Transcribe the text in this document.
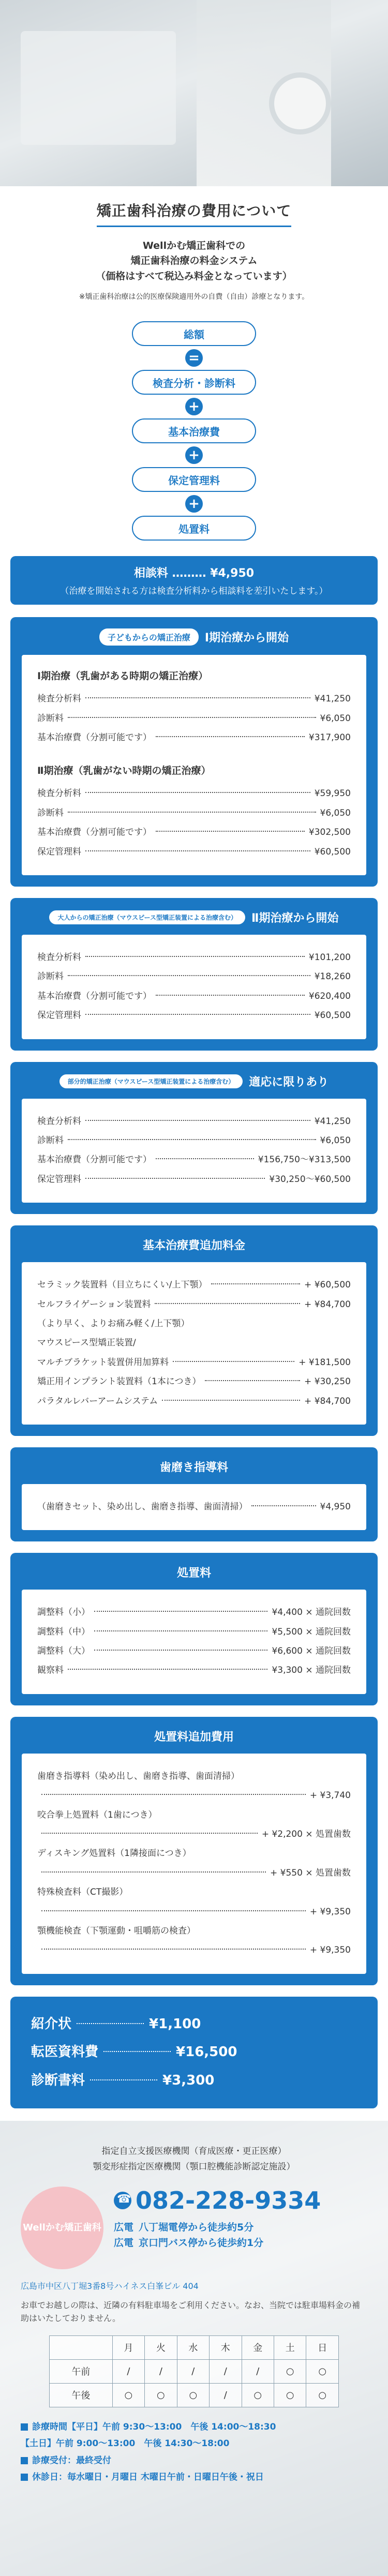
矯正歯科治療の費用について
Wellかむ矯正歯科での
矯正歯科治療の料金システム
（価格はすべて税込み料金となっています）
※矯正歯科治療は公的医療保険適用外の自費（自由）診療となります。
総額
=
検査分析・診断料
+
基本治療費
+
保定管理料
+
処置料
相談料 ……… ¥4,950
（治療を開始される方は検査分析料から相談料を差引いたします。）
子どもからの矯正治療	Ⅰ期治療から開始
Ⅰ期治療（乳歯がある時期の矯正治療）
検査分析料	¥41,250
診断料	¥6,050
基本治療費（分割可能です）	¥317,900
Ⅱ期治療（乳歯がない時期の矯正治療）
検査分析料	¥59,950
診断料	¥6,050
基本治療費（分割可能です）	¥302,500
保定管理料	¥60,500
大人からの矯正治療（マウスピース型矯正装置による治療含む）	Ⅱ期治療から開始
検査分析料	¥101,200
診断料	¥18,260
基本治療費（分割可能です）	¥620,400
保定管理料	¥60,500
部分的矯正治療（マウスピース型矯正装置による治療含む）	適応に限りあり
検査分析料	¥41,250
診断料	¥6,050
基本治療費（分割可能です）	¥156,750〜¥313,500
保定管理料	¥30,250〜¥60,500
基本治療費追加料金
セラミック装置料（目立ちにくい/上下顎）	+ ¥60,500
セルフライゲーション装置料	+ ¥84,700
（より早く、よりお痛み軽く/上下顎）
マウスピース型矯正装置/
マルチブラケット装置併用加算料	+ ¥181,500
矯正用インプラント装置料（1本につき）	+ ¥30,250
パラタルレバーアームシステム	+ ¥84,700
歯磨き指導料
（歯磨きセット、染め出し、歯磨き指導、歯面清掃）	¥4,950
処置料
調整料（小）	¥4,400 × 通院回数
調整料（中）	¥5,500 × 通院回数
調整料（大）	¥6,600 × 通院回数
観察料	¥3,300 × 通院回数
処置料追加費用
歯磨き指導料（染め出し、歯磨き指導、歯面清掃）
+ ¥3,740
咬合拳上処置料（1歯につき）
+ ¥2,200 × 処置歯数
ディスキング処置料（1隣接面につき）
+ ¥550 × 処置歯数
特殊検査料（CT撮影）
+ ¥9,350
顎機能検査（下顎運動・咀嚼筋の検査）
+ ¥9,350
紹介状	¥1,100
転医資料費	¥16,500
診断書料	¥3,300
指定自立支援医療機関（育成医療・更正医療）
顎変形症指定医療機関（顎口腔機能診断認定施設）
Wellかむ矯正歯科
☎
082-228-9334
広電 八丁堀電停から徒歩約5分
広電 京口門バス停から徒歩約1分
広島市中区八丁堀3番8号ハイネス白峯ビル 404
お車でお越しの際は、近隣の有料駐車場をご利用ください。なお、当院では駐車場料金の補助はいたしておりません。
	月	火	水	木	金	土	日
午前	/	/	/	/	/	○	○
午後	○	○	○	/	○	○	○
診療時間【平日】午前 9:30〜13:00　午後 14:00〜18:30
【土日】午前 9:00〜13:00　午後 14:30〜18:00
診療受付：最終受付
休診日：毎水曜日・月曜日 木曜日午前・日曜日午後・祝日
